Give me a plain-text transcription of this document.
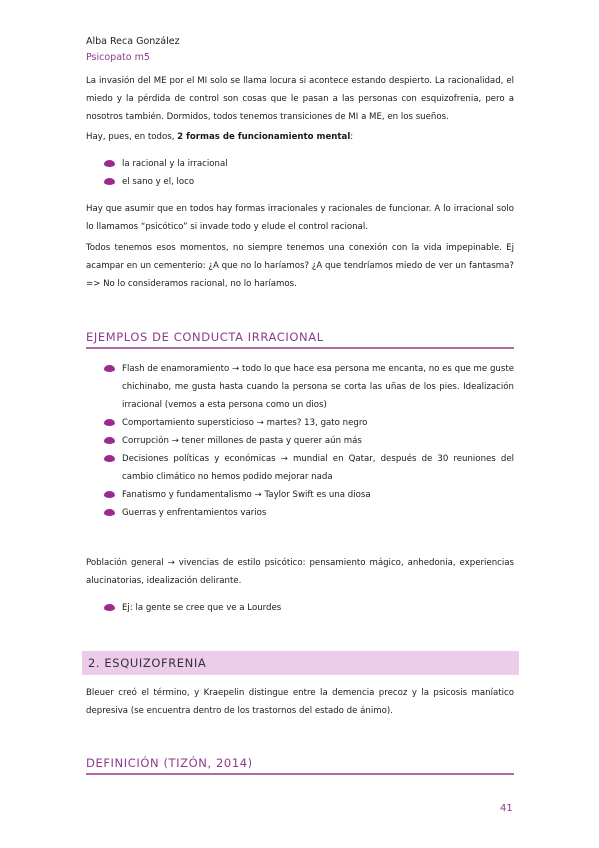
Alba Reca González
Psicopato m5

La invasión del ME por el MI solo se llama locura si acontece estando despierto. La racionalidad, el miedo y la pérdida de control son cosas que le pasan a las personas con esquizofrenia, pero a nosotros también. Dormidos, todos tenemos transiciones de MI a ME, en los sueños.

Hay, pues, en todos, 2 formas de funcionamiento mental:

la racional y la irracional
el sano y el, loco

Hay que asumir que en todos hay formas irracionales y racionales de funcionar. A lo irracional solo lo llamamos “psicótico” si invade todo y elude el control racional.

Todos tenemos esos momentos, no siempre tenemos una conexión con la vida impepinable. Ej acampar en un cementerio: ¿A que no lo haríamos? ¿A que tendríamos miedo de ver un fantasma? => No lo consideramos racional, no lo haríamos.

EJEMPLOS DE CONDUCTA IRRACIONAL
Flash de enamoramiento → todo lo que hace esa persona me encanta, no es que me guste chichinabo, me gusta hasta cuando la persona se corta las uñas de los pies. Idealización irracional (vemos a esta persona como un dios)
Comportamiento supersticioso → martes? 13, gato negro
Corrupción → tener millones de pasta y querer aún más
Decisiones políticas y económicas → mundial en Qatar, después de 30 reuniones del cambio climático no hemos podido mejorar nada
Fanatismo y fundamentalismo → Taylor Swift es una diosa
Guerras y enfrentamientos varios

Población general → vivencias de estilo psicótico: pensamiento mágico, anhedonia, experiencias alucinatorias, idealización delirante.

Ej: la gente se cree que ve a Lourdes
2. ESQUIZOFRENIA

Bleuer creó el término, y Kraepelin distingue entre la demencia precoz y la psicosis maníatico depresiva (se encuentra dentro de los trastornos del estado de ánimo).

DEFINICIÓN (TIZÓN, 2014)
41
